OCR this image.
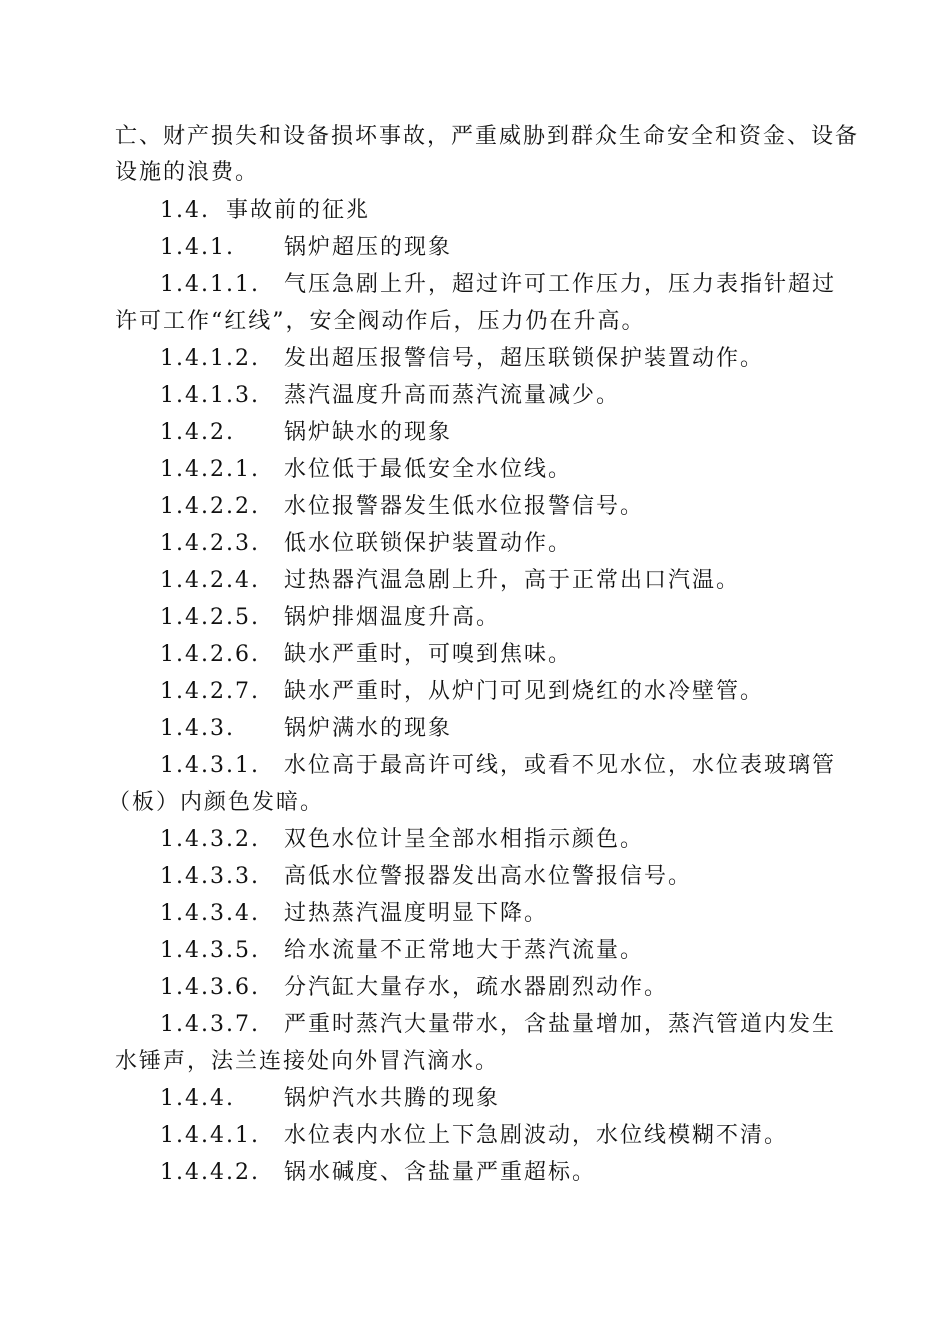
亡、财产损失和设备损坏事故，严重威胁到群众生命安全和资金、设备
设施的浪费。
1.4. 事故前的征兆
1.4.1. 锅炉超压的现象
1.4.1.1. 气压急剧上升，超过许可工作压力，压力表指针超过
许可工作“红线”，安全阀动作后，压力仍在升高。
1.4.1.2. 发出超压报警信号，超压联锁保护装置动作。
1.4.1.3. 蒸汽温度升高而蒸汽流量减少。
1.4.2. 锅炉缺水的现象
1.4.2.1. 水位低于最低安全水位线。
1.4.2.2. 水位报警器发生低水位报警信号。
1.4.2.3. 低水位联锁保护装置动作。
1.4.2.4. 过热器汽温急剧上升，高于正常出口汽温。
1.4.2.5. 锅炉排烟温度升高。
1.4.2.6. 缺水严重时，可嗅到焦味。
1.4.2.7. 缺水严重时，从炉门可见到烧红的水冷壁管。
1.4.3. 锅炉满水的现象
1.4.3.1. 水位高于最高许可线，或看不见水位，水位表玻璃管
（板）内颜色发暗。
1.4.3.2. 双色水位计呈全部水相指示颜色。
1.4.3.3. 高低水位警报器发出高水位警报信号。
1.4.3.4. 过热蒸汽温度明显下降。
1.4.3.5. 给水流量不正常地大于蒸汽流量。
1.4.3.6. 分汽缸大量存水，疏水器剧烈动作。
1.4.3.7. 严重时蒸汽大量带水，含盐量增加，蒸汽管道内发生
水锤声，法兰连接处向外冒汽滴水。
1.4.4. 锅炉汽水共腾的现象
1.4.4.1. 水位表内水位上下急剧波动，水位线模糊不清。
1.4.4.2. 锅水碱度、含盐量严重超标。
